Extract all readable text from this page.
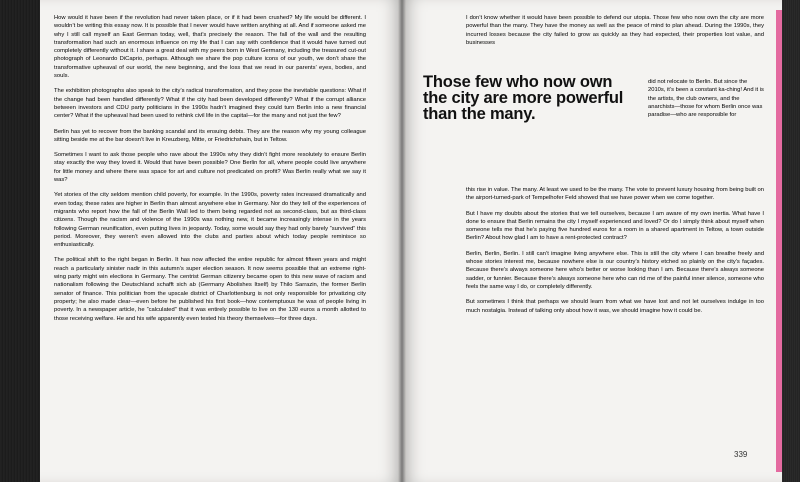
How would it have been if the revolution had never taken place, or if it had been crushed? My life would be different. I wouldn’t be writing this essay now. It is possible that I never would have written anything at all. And if someone asked me why I still call myself an East German today, well, that’s precisely the reason. The fall of the wall and the resulting transformation had such an enormous influence on my life that I can say with confidence that it would have turned out completely differently without it. I share a great deal with my peers born in West Germany, including the treasured cut-out photograph of Leonardo DiCaprio, perhaps. Although we share the pop culture icons of our youth, we don’t share the transformative upheaval of our world, the new beginning, and the loss that we read in our parents’ eyes, bodies, and souls.

The exhibition photographs also speak to the city’s radical transformation, and they pose the inevitable questions: What if the change had been handled differently? What if the city had been developed differently? What if the corrupt alliance between investors and CDU party politicians in the 1990s hadn’t imagined they could turn Berlin into a new financial center? What if the upheaval had been used to rethink civil life in the capital—for the many and not just the few?

Berlin has yet to recover from the banking scandal and its ensuing debts. They are the reason why my young colleague sitting beside me at the bar doesn’t live in Kreuzberg, Mitte, or Friedrichshain, but in Teltow.

Sometimes I want to ask those people who rave about the 1990s why they didn’t fight more resolutely to ensure Berlin stay exactly the way they loved it. Would that have been possible? One Berlin for all, where people could live anywhere for little money and where there was space for art and culture not predicated on profit? Was Berlin really what we say it was?

Yet stories of the city seldom mention child poverty, for example. In the 1990s, poverty rates increased dramatically and even today, these rates are higher in Berlin than almost anywhere else in Germany. Nor do they tell of the experiences of migrants who report how the fall of the Berlin Wall led to them being regarded not as second-class, but as third-class citizens. Though the racism and violence of the 1990s was nothing new, it became increasingly intense in the years following German reunification, even putting lives in jeopardy. Today, some would say they had only barely “survived” this period. Moreover, they weren’t even allowed into the clubs and parties about which today people reminisce so enthusiastically.

The political shift to the right began in Berlin. It has now affected the entire republic for almost fifteen years and might reach a particularly sinister nadir in this autumn’s super election season. It now seems possible that an extreme right-wing party might win elections in Germany. The centrist German citizenry became open to this new wave of racism and nationalism following the Deutschland schafft sich ab (Germany Abolishes Itself) by Thilo Sarrazin, the former Berlin senator of finance. This politician from the upscale district of Charlottenburg is not only responsible for privatizing city property; he also made clear—even before he published his first book—how contemptuous he was of people living in poverty. In a newspaper article, he “calculated” that it was entirely possible to live on the 130 euros a month allotted to those receiving welfare. He and his wife apparently even tested his theory themselves—for three days.

I don’t know whether it would have been possible to defend our utopia. Those few who now own the city are more powerful than the many. They have the money as well as the peace of mind to plan ahead. During the 1990s, they incurred losses because the city failed to grow as quickly as they had expected, their properties lost value, and businesses

Those few who now own the city are more powerful than the many.

did not relocate to Berlin. But since the 2010s, it’s been a constant ka-ching! And it is the artists, the club owners, and the anarchists—those for whom Berlin once was paradise—who are responsible for

this rise in value. The many. At least we used to be the many. The vote to prevent luxury housing from being built on the airport-turned-park of Tempelhofer Feld showed that we have power when we come together.

But I have my doubts about the stories that we tell ourselves, because I am aware of my own inertia. What have I done to ensure that Berlin remains the city I myself experienced and loved? Or do I simply think about myself when someone tells me that he’s paying five hundred euros for a room in a shared apartment in Teltow, a town outside Berlin? About how glad I am to have a rent-protected contract?

Berlin, Berlin, Berlin. I still can’t imagine living anywhere else. This is still the city where I can breathe freely and whose stories interest me, because nowhere else is our country’s history etched so plainly on the city’s façades. Because there’s always someone here who’s better or worse looking than I am. Because there’s always someone sadder, or funnier. Because there’s always someone here who can rid me of the painful inner silence, someone who feels the same way I do, or completely differently.

But sometimes I think that perhaps we should learn from what we have lost and not let ourselves indulge in too much nostalgia. Instead of talking only about how it was, we should imagine how it could be.

339
